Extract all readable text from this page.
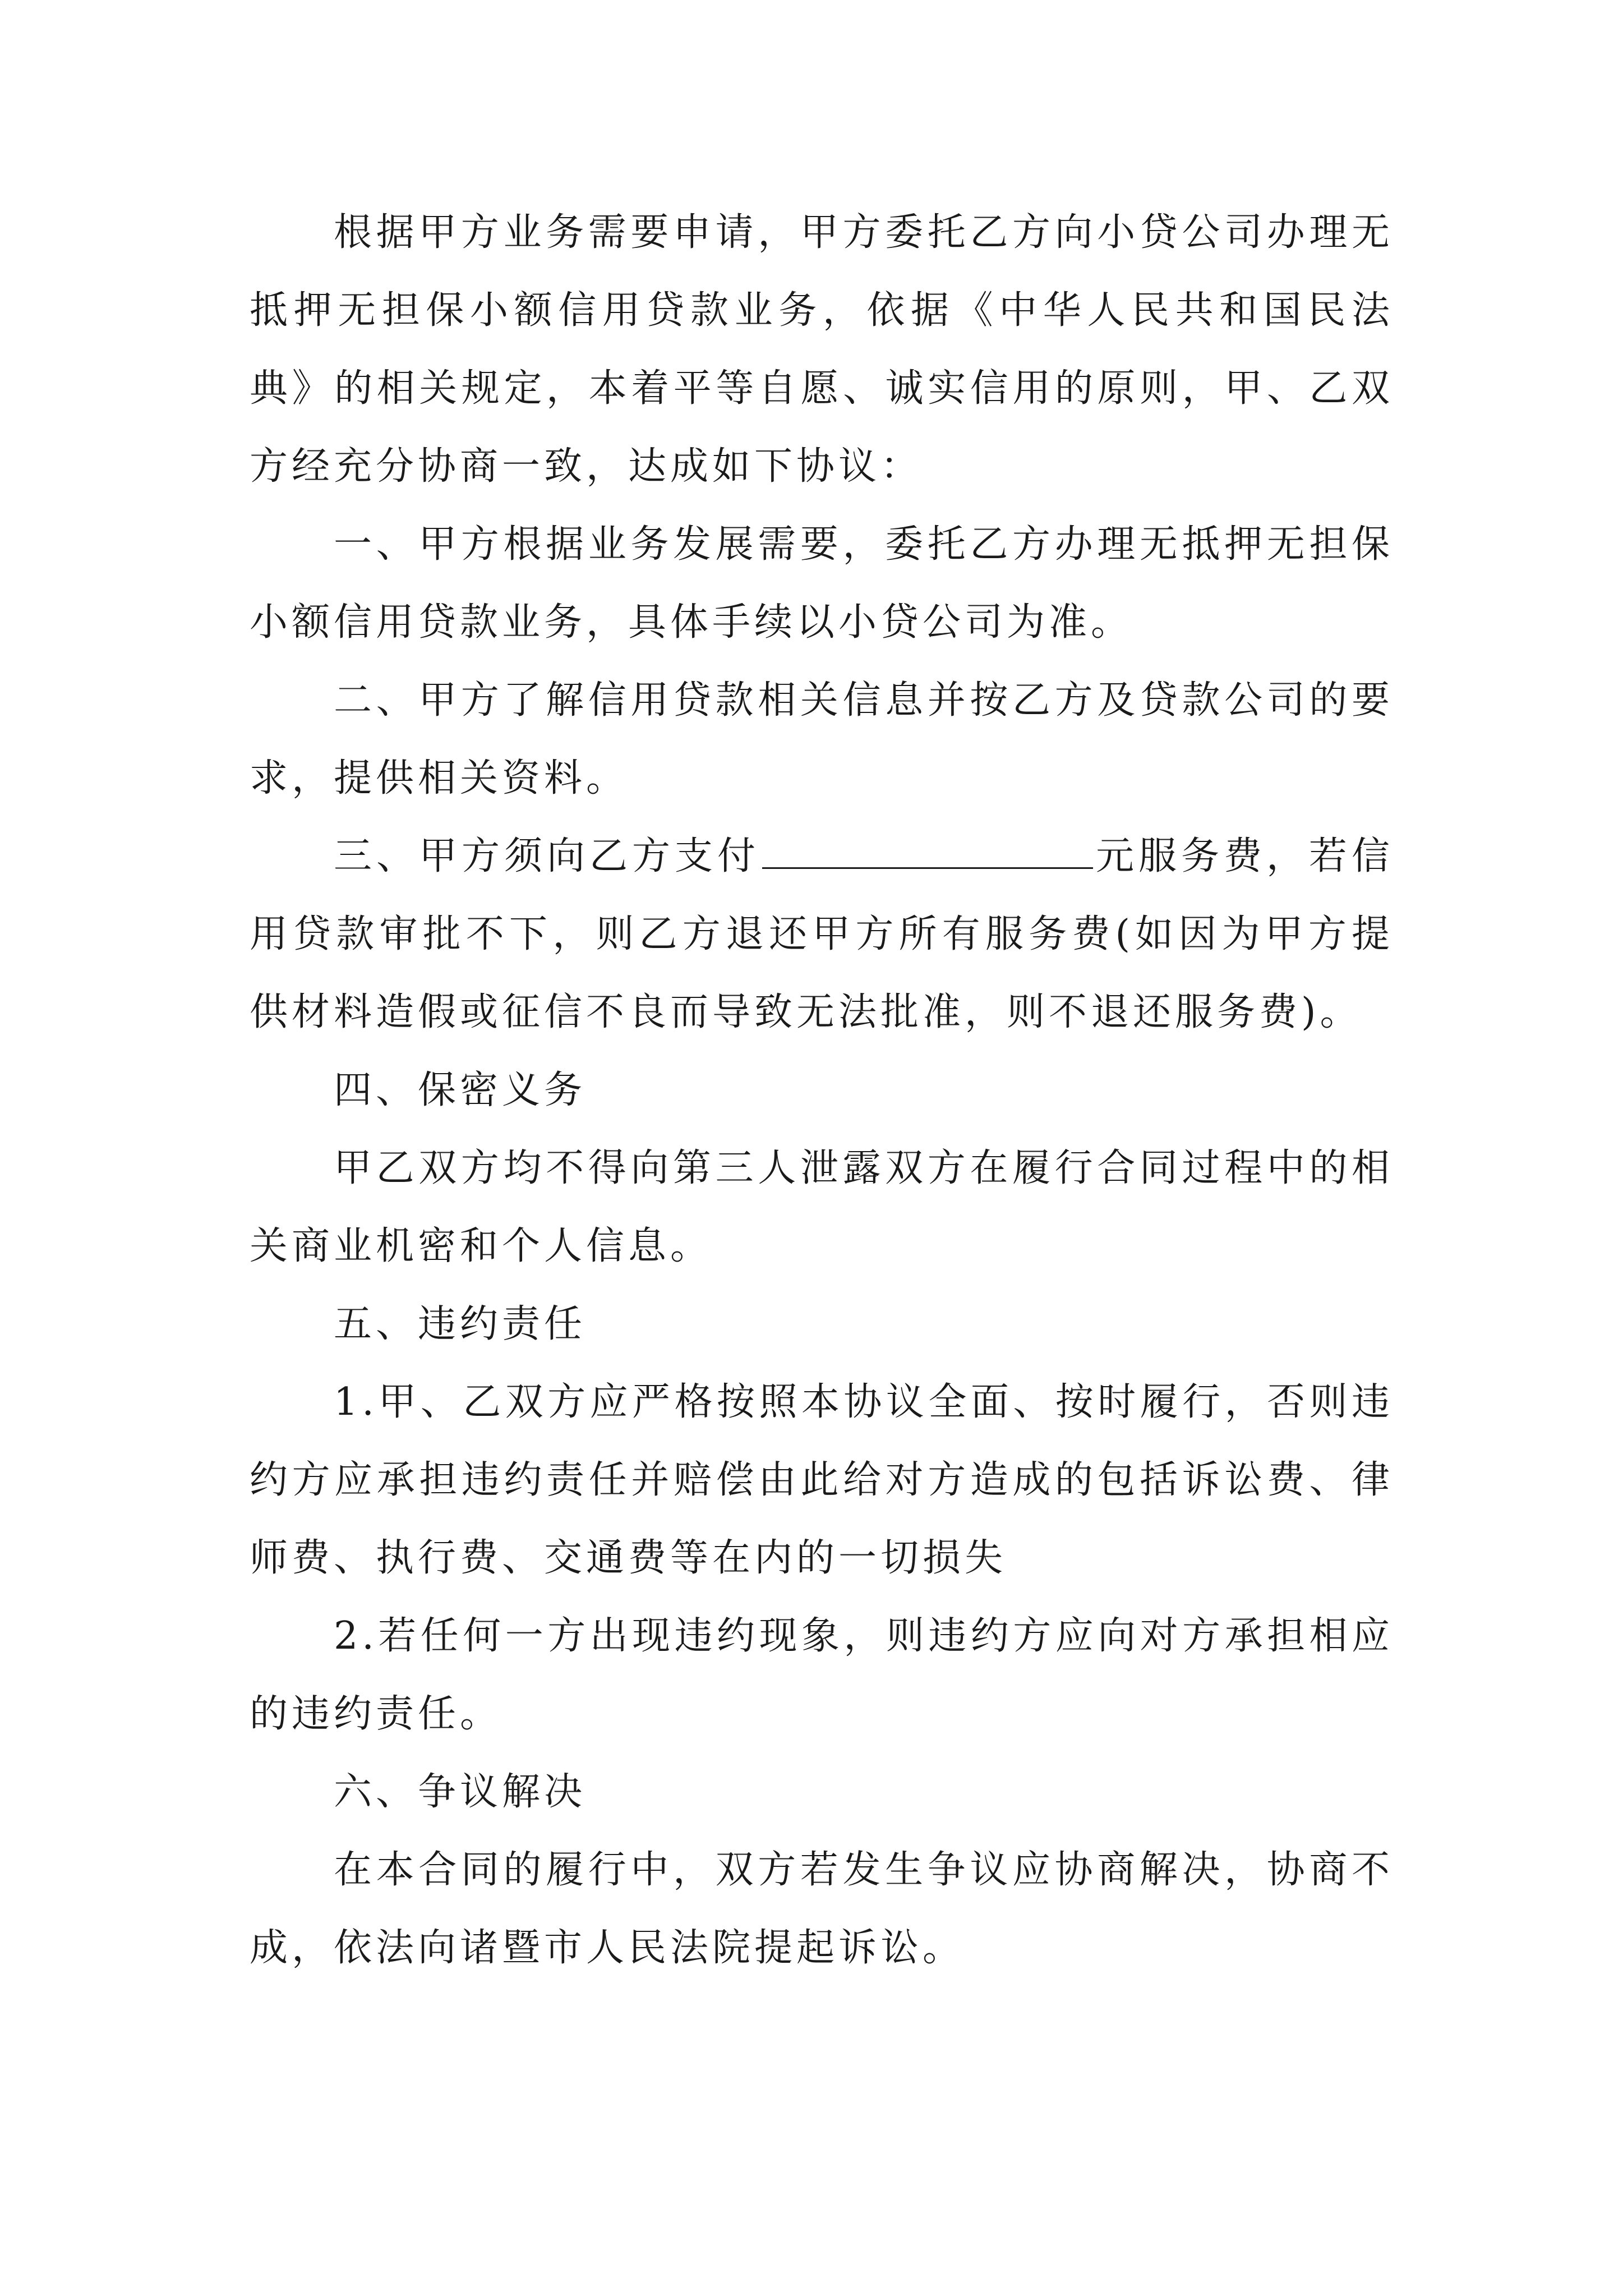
根据甲方业务需要申请，甲方委托乙方向小贷公司办理无抵押无担保小额信用贷款业务，依据《中华人民共和国民法典》的相关规定，本着平等自愿、诚实信用的原则，甲、乙双方经充分协商一致，达成如下协议：

一、甲方根据业务发展需要，委托乙方办理无抵押无担保小额信用贷款业务，具体手续以小贷公司为准。

二、甲方了解信用贷款相关信息并按乙方及贷款公司的要求，提供相关资料。

三、甲方须向乙方支付	元服务费，若信用贷款审批不下，则乙方退还甲方所有服务费(如因为甲方提供材料造假或征信不良而导致无法批准，则不退还服务费)。

四、保密义务

甲乙双方均不得向第三人泄露双方在履行合同过程中的相关商业机密和个人信息。

五、违约责任

1.甲、乙双方应严格按照本协议全面、按时履行，否则违约方应承担违约责任并赔偿由此给对方造成的包括诉讼费、律师费、执行费、交通费等在内的一切损失

2.若任何一方出现违约现象，则违约方应向对方承担相应的违约责任。

六、争议解决

在本合同的履行中，双方若发生争议应协商解决，协商不成，依法向诸暨市人民法院提起诉讼。
